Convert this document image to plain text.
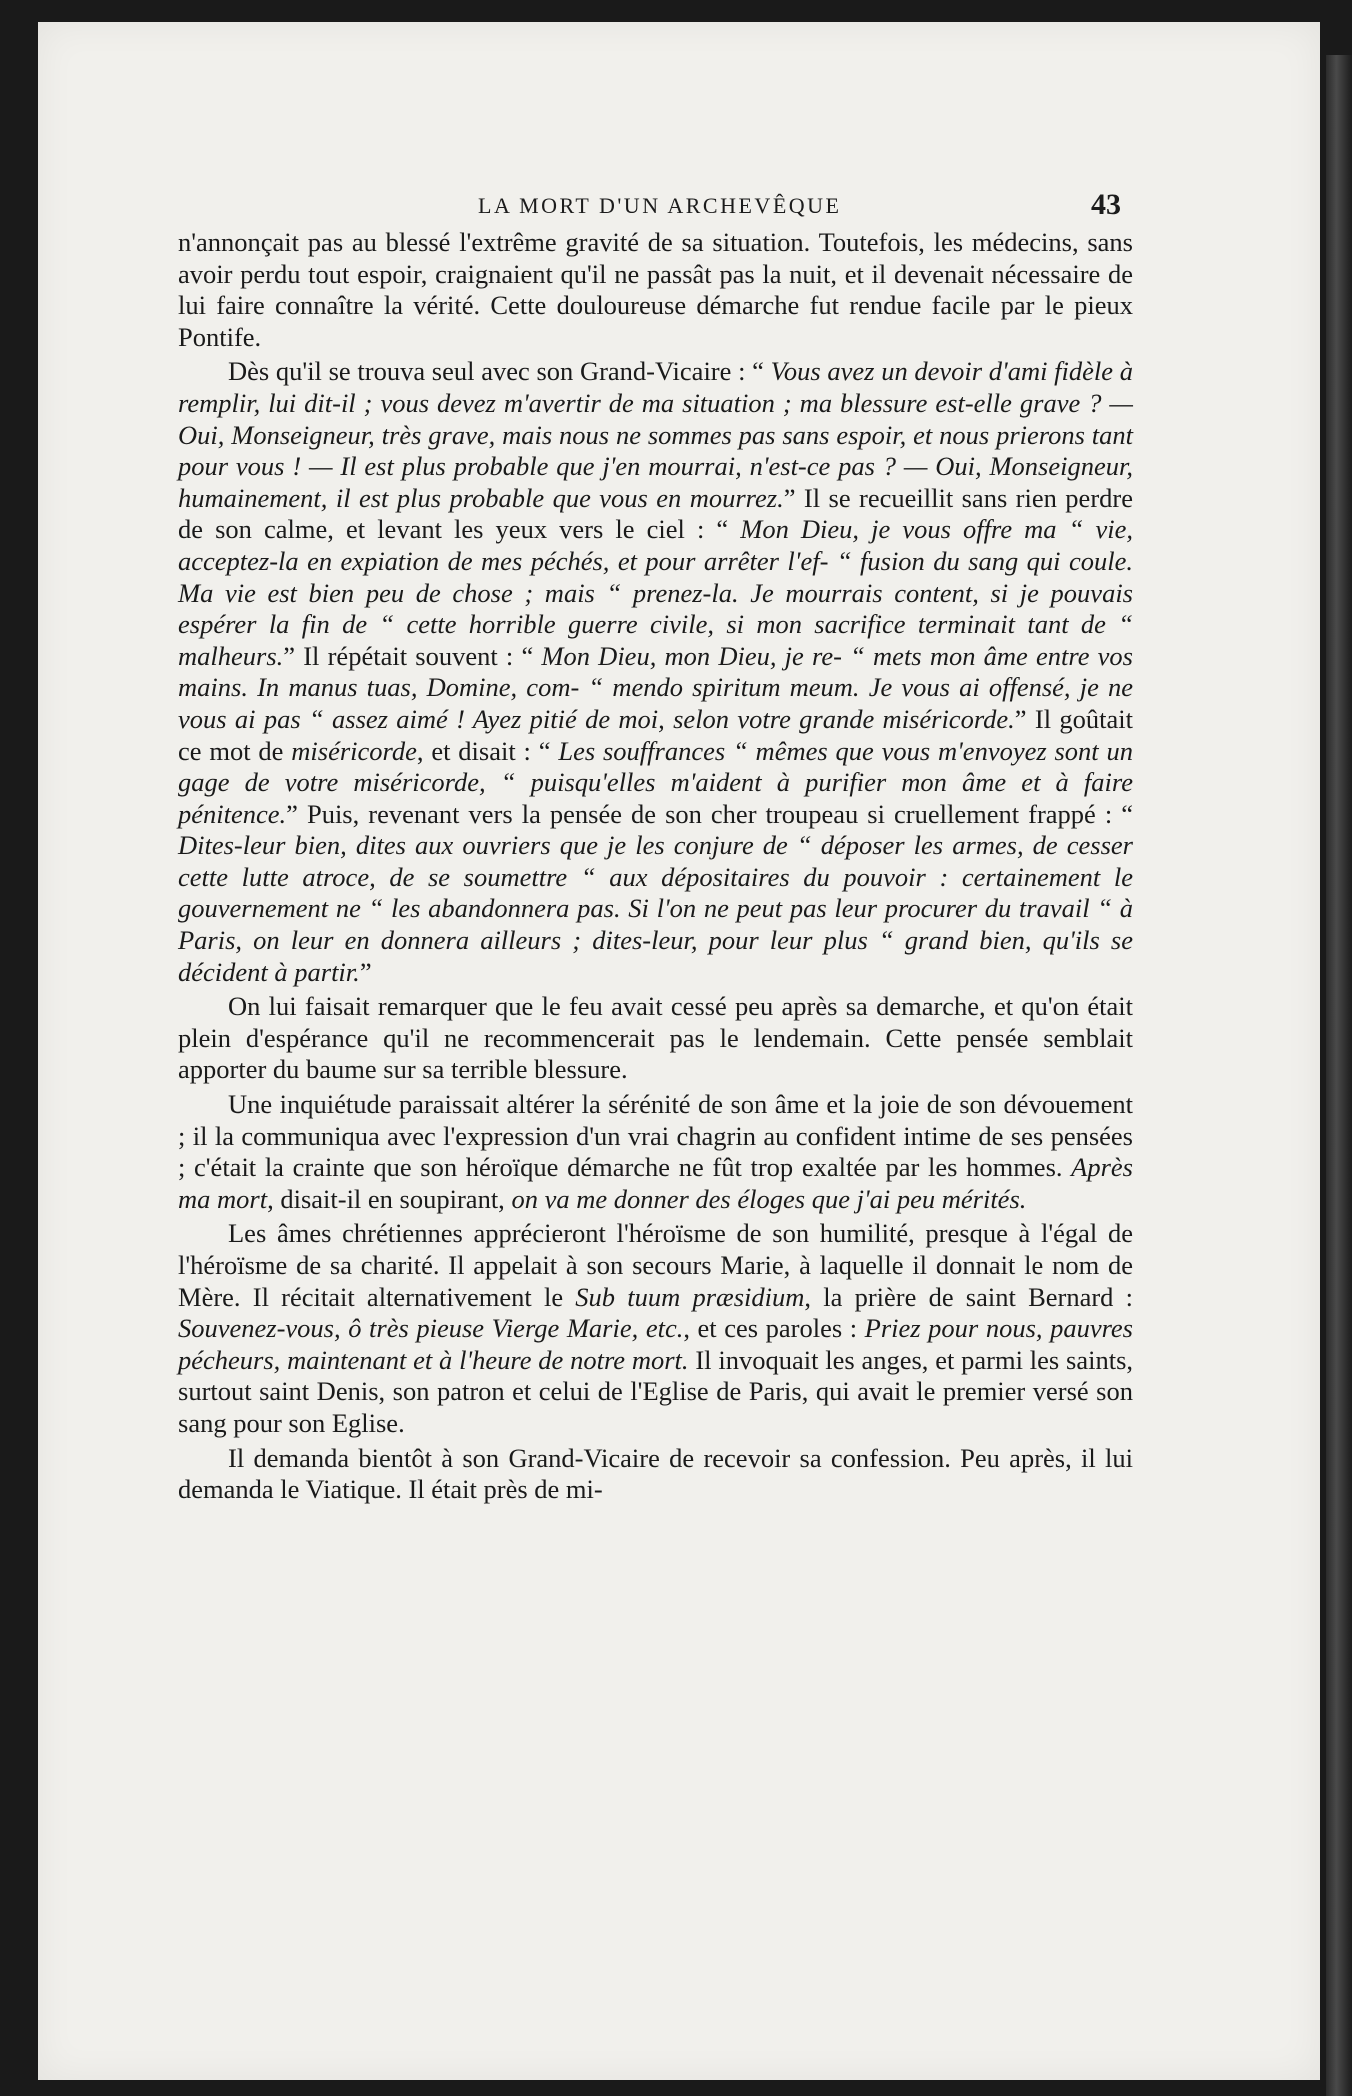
LA MORT D'UN ARCHEVÊQUE	43

n'annonçait pas au blessé l'extrême gravité de sa situation. Toutefois, les médecins, sans avoir perdu tout espoir, craignaient qu'il ne passât pas la nuit, et il devenait nécessaire de lui faire connaître la vérité. Cette douloureuse démarche fut rendue facile par le pieux Pontife.

Dès qu'il se trouva seul avec son Grand-Vicaire : “ Vous avez un devoir d'ami fidèle à remplir, lui dit-il ; vous devez m'avertir de ma situation ; ma blessure est-elle grave ? — Oui, Monseigneur, très grave, mais nous ne sommes pas sans espoir, et nous prierons tant pour vous ! — Il est plus probable que j'en mourrai, n'est-ce pas ? — Oui, Monseigneur, humainement, il est plus probable que vous en mourrez.” Il se recueillit sans rien perdre de son calme, et levant les yeux vers le ciel : “ Mon Dieu, je vous offre ma “ vie, acceptez-la en expiation de mes péchés, et pour arrêter l'ef- “ fusion du sang qui coule. Ma vie est bien peu de chose ; mais “ prenez-la. Je mourrais content, si je pouvais espérer la fin de “ cette horrible guerre civile, si mon sacrifice terminait tant de “ malheurs.” Il répétait souvent : “ Mon Dieu, mon Dieu, je re- “ mets mon âme entre vos mains. In manus tuas, Domine, com- “ mendo spiritum meum. Je vous ai offensé, je ne vous ai pas “ assez aimé ! Ayez pitié de moi, selon votre grande miséricorde.” Il goûtait ce mot de miséricorde, et disait : “ Les souffrances “ mêmes que vous m'envoyez sont un gage de votre miséricorde, “ puisqu'elles m'aident à purifier mon âme et à faire pénitence.” Puis, revenant vers la pensée de son cher troupeau si cruellement frappé : “ Dites-leur bien, dites aux ouvriers que je les conjure de “ déposer les armes, de cesser cette lutte atroce, de se soumettre “ aux dépositaires du pouvoir : certainement le gouvernement ne “ les abandonnera pas. Si l'on ne peut pas leur procurer du travail “ à Paris, on leur en donnera ailleurs ; dites-leur, pour leur plus “ grand bien, qu'ils se décident à partir.”

On lui faisait remarquer que le feu avait cessé peu après sa demarche, et qu'on était plein d'espérance qu'il ne recommencerait pas le lendemain. Cette pensée semblait apporter du baume sur sa terrible blessure.

Une inquiétude paraissait altérer la sérénité de son âme et la joie de son dévouement ; il la communiqua avec l'expression d'un vrai chagrin au confident intime de ses pensées ; c'était la crainte que son héroïque démarche ne fût trop exaltée par les hommes. Après ma mort, disait-il en soupirant, on va me donner des éloges que j'ai peu mérités.

Les âmes chrétiennes apprécieront l'héroïsme de son humilité, presque à l'égal de l'héroïsme de sa charité. Il appelait à son secours Marie, à laquelle il donnait le nom de Mère. Il récitait alternativement le Sub tuum præsidium, la prière de saint Bernard : Souvenez-vous, ô très pieuse Vierge Marie, etc., et ces paroles : Priez pour nous, pauvres pécheurs, maintenant et à l'heure de notre mort. Il invoquait les anges, et parmi les saints, surtout saint Denis, son patron et celui de l'Eglise de Paris, qui avait le premier versé son sang pour son Eglise.

Il demanda bientôt à son Grand-Vicaire de recevoir sa confession. Peu après, il lui demanda le Viatique. Il était près de mi-
